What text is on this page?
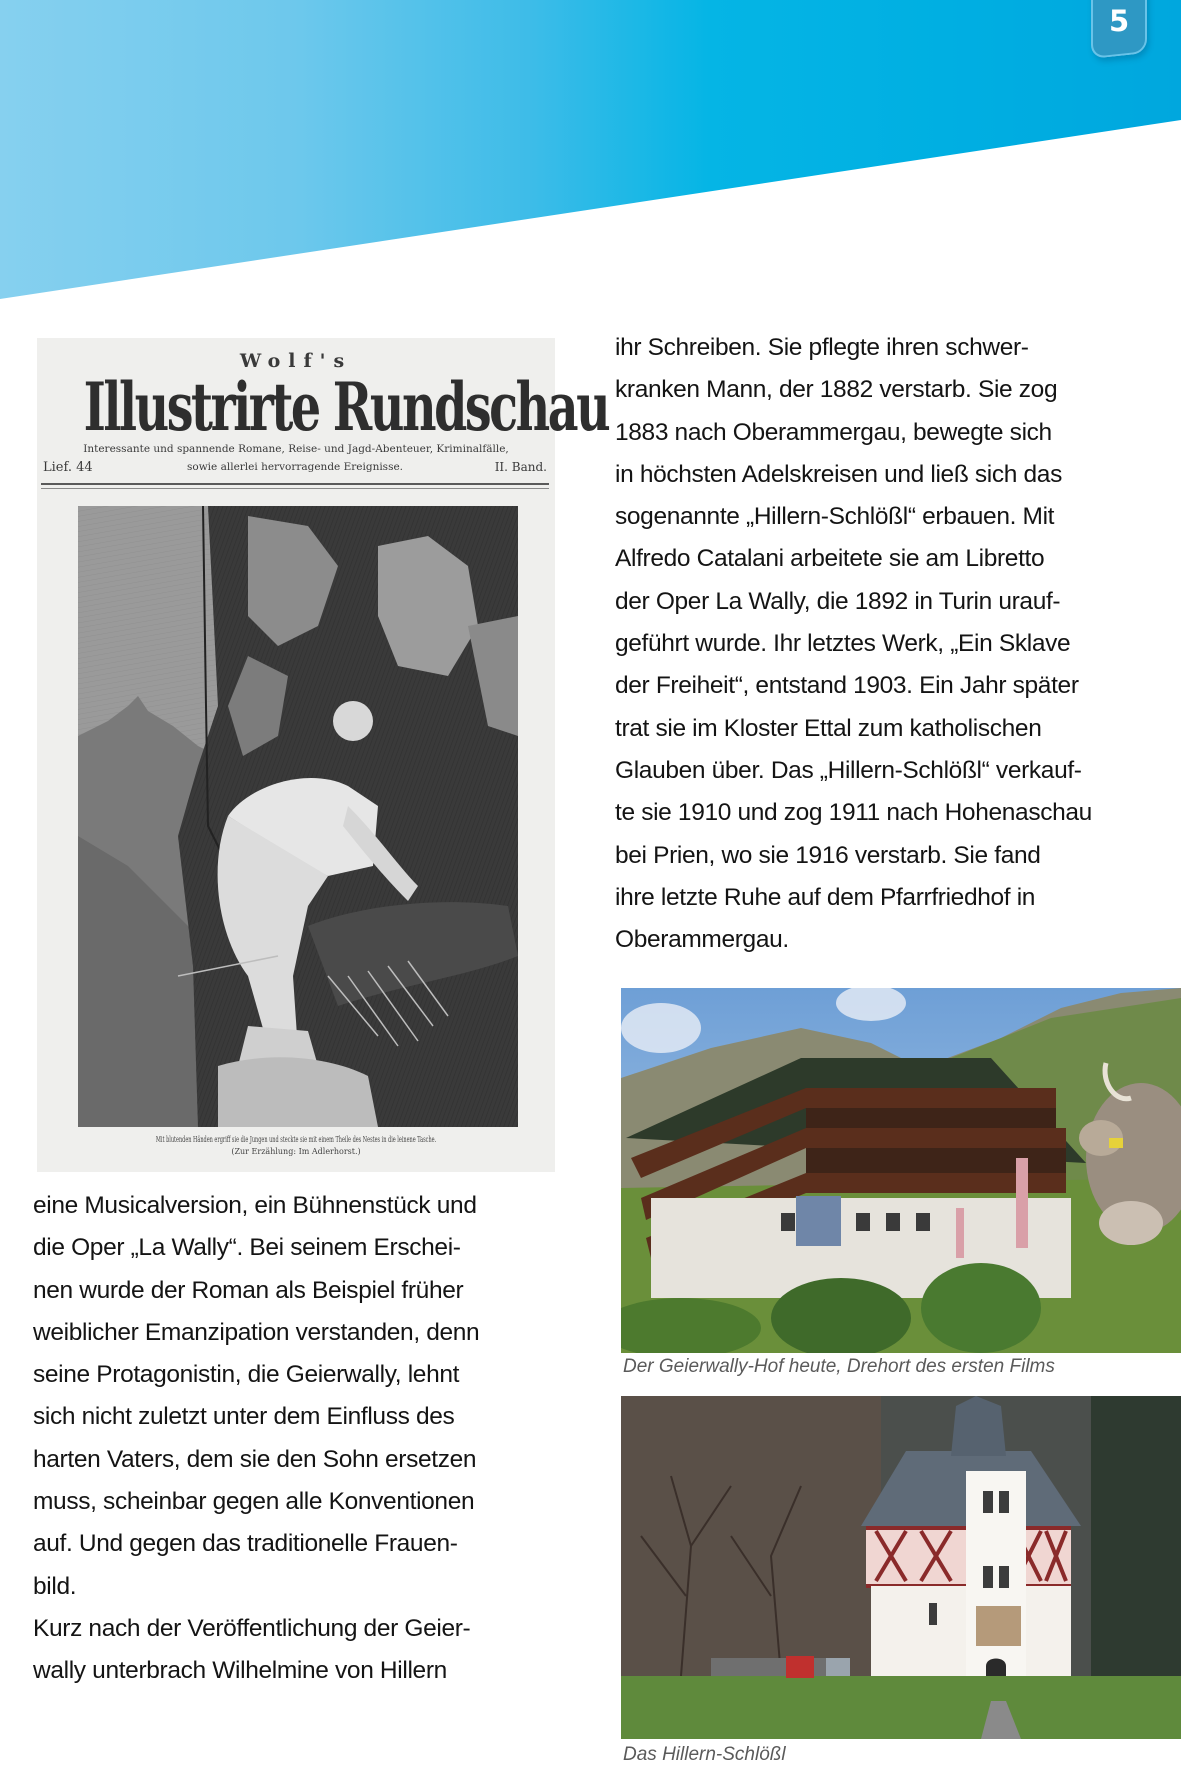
5
Wolf's
Illustrirte Rundschau
Interessante und spannende Romane, Reise- und Jagd-Abenteuer, Kriminalfälle,
Lief. 44	sowie allerlei hervorragende Ereignisse.	II. Band.
Mit blutenden Händen ergriff sie die Jungen und steckte sie mit einem Theile des Nestes in die leinene Tasche.
(Zur Erzählung: Im Adlerhorst.)
ihr Schreiben. Sie pflegte ihren schwer-
kranken Mann, der 1882 verstarb. Sie zog
1883 nach Oberammergau, bewegte sich
in höchsten Adelskreisen und ließ sich das
sogenannte „Hillern-Schlößl“ erbauen. Mit
Alfredo Catalani arbeitete sie am Libretto
der Oper La Wally, die 1892 in Turin urauf-
geführt wurde. Ihr letztes Werk, „Ein Sklave
der Freiheit“, entstand 1903. Ein Jahr später
trat sie im Kloster Ettal zum katholischen
Glauben über. Das „Hillern-Schlößl“ verkauf-
te sie 1910 und zog 1911 nach Hohenaschau
bei Prien, wo sie 1916 verstarb. Sie fand
ihre letzte Ruhe auf dem Pfarrfriedhof in
Oberammergau.
eine Musicalversion, ein Bühnenstück und
die Oper „La Wally“. Bei seinem Erschei-
nen wurde der Roman als Beispiel früher
weiblicher Emanzipation verstanden, denn
seine Protagonistin, die Geierwally, lehnt
sich nicht zuletzt unter dem Einfluss des
harten Vaters, dem sie den Sohn ersetzen
muss, scheinbar gegen alle Konventionen
auf. Und gegen das traditionelle Frauen-
bild.
Kurz nach der Veröffentlichung der Geier-
wally unterbrach Wilhelmine von Hillern
Der Geierwally-Hof heute, Drehort des ersten Films
Das Hillern-Schlößl
